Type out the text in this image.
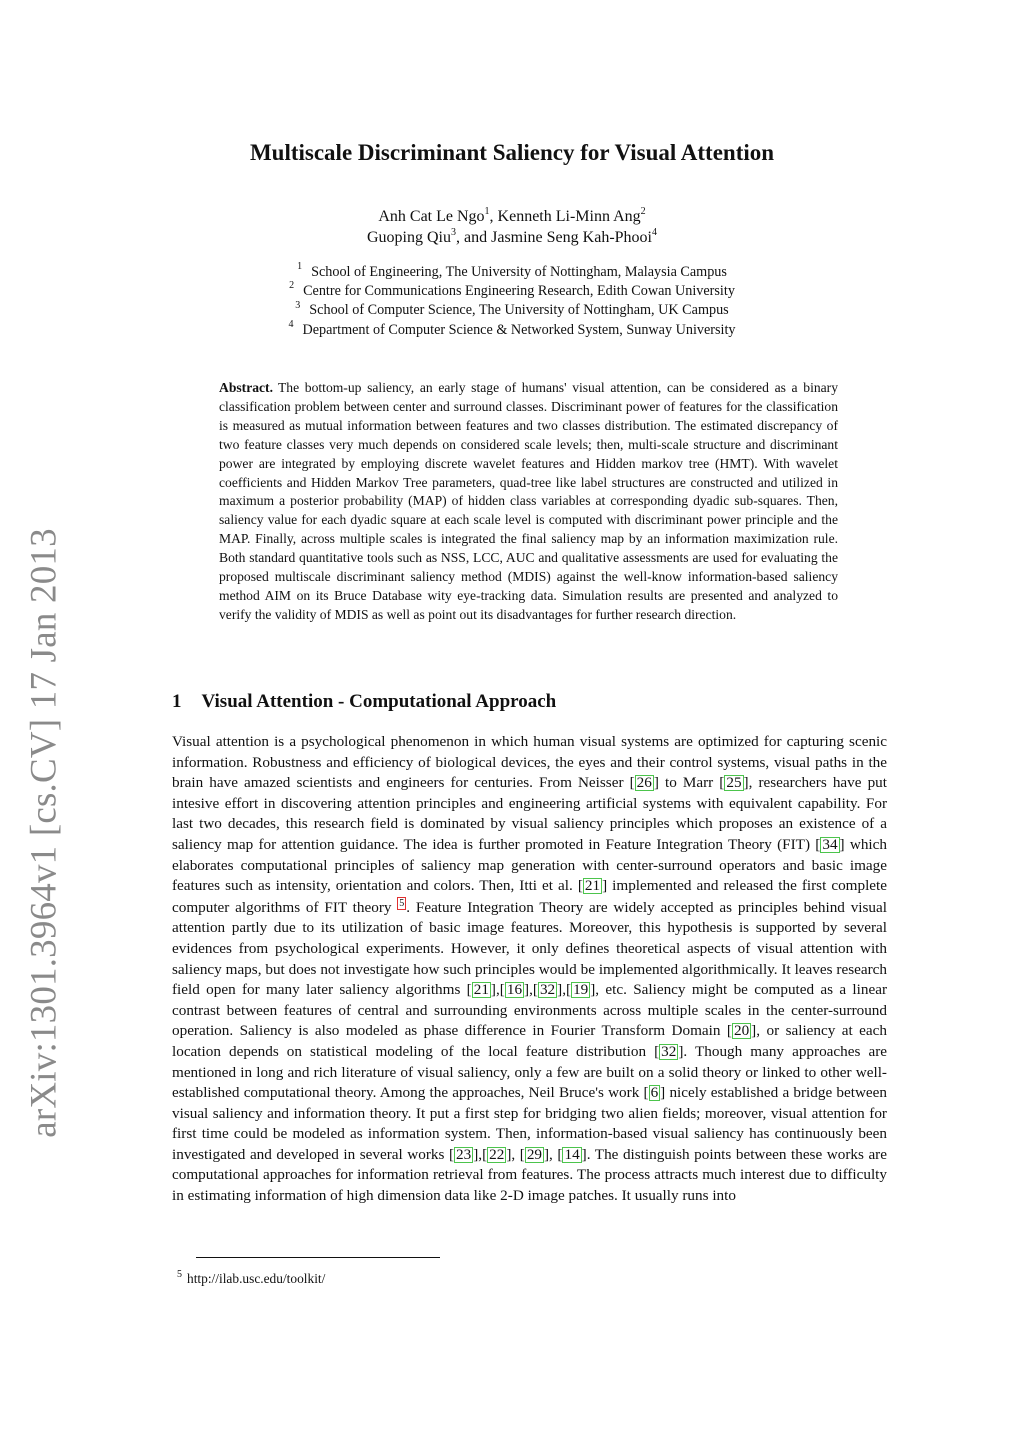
arXiv:1301.3964v1 [cs.CV] 17 Jan 2013
Multiscale Discriminant Saliency for Visual Attention
Anh Cat Le Ngo$^1$, Kenneth Li-Minn Ang$^2$
Guoping Qiu$^3$, and Jasmine Seng Kah-Phooi$^4$
$^1$ School of Engineering, The University of Nottingham, Malaysia Campus
$^2$ Centre for Communications Engineering Research, Edith Cowan University
$^3$ School of Computer Science, The University of Nottingham, UK Campus
$^4$ Department of Computer Science & Networked System, Sunway University
Abstract. The bottom-up saliency, an early stage of humans' visual attention, can be considered as a binary classification problem between center and surround classes. Discriminant power of features for the classification is measured as mutual information between features and two classes distribution. The estimated discrepancy of two feature classes very much depends on considered scale levels; then, multi-scale structure and discriminant power are integrated by employing discrete wavelet features and Hidden markov tree (HMT). With wavelet coefficients and Hidden Markov Tree parameters, quad-tree like label structures are constructed and utilized in maximum a posterior probability (MAP) of hidden class variables at corresponding dyadic sub-squares. Then, saliency value for each dyadic square at each scale level is computed with discriminant power principle and the MAP. Finally, across multiple scales is integrated the final saliency map by an information maximization rule. Both standard quantitative tools such as NSS, LCC, AUC and qualitative assessments are used for evaluating the proposed multiscale discriminant saliency method (MDIS) against the well-know information-based saliency method AIM on its Bruce Database wity eye-tracking data. Simulation results are presented and analyzed to verify the validity of MDIS as well as point out its disadvantages for further research direction.
1 Visual Attention - Computational Approach
Visual attention is a psychological phenomenon in which human visual systems are optimized for capturing scenic information. Robustness and efficiency of biological devices, the eyes and their control systems, visual paths in the brain have amazed scientists and engineers for centuries. From Neisser [ 26 ] to Marr [ 25 ], researchers have put intesive effort in discovering attention principles and engineering artificial systems with equivalent capability. For last two decades, this research field is dominated by visual saliency principles which proposes an existence of a saliency map for attention guidance. The idea is further promoted in Feature Integration Theory (FIT) [ 34 ] which elaborates computational principles of saliency map generation with center-surround operators and basic image features such as intensity, orientation and colors. Then, Itti et al. [ 21 ] implemented and released the first complete computer algorithms of FIT theory 5 . Feature Integration Theory are widely accepted as principles behind visual attention partly due to its utilization of basic image features. Moreover, this hypothesis is supported by several evidences from psychological experiments. However, it only defines theoretical aspects of visual attention with saliency maps, but does not investigate how such principles would be implemented algorithmically. It leaves research field open for many later saliency algorithms [ 21 ],[ 16 ],[ 32 ],[ 19 ], etc. Saliency might be computed as a linear contrast between features of central and surrounding environments across multiple scales in the center-surround operation. Saliency is also modeled as phase difference in Fourier Transform Domain [ 20 ], or saliency at each location depends on statistical modeling of the local feature distribution [ 32 ]. Though many approaches are mentioned in long and rich literature of visual saliency, only a few are built on a solid theory or linked to other well-established computational theory. Among the approaches, Neil Bruce's work [ 6 ] nicely established a bridge between visual saliency and information theory. It put a first step for bridging two alien fields; moreover, visual attention for first time could be modeled as information system. Then, information-based visual saliency has continuously been investigated and developed in several works [ 23 ],[ 22 ], [ 29 ], [ 14 ]. The distinguish points between these works are computational approaches for information retrieval from features. The process attracts much interest due to difficulty in estimating information of high dimension data like 2-D image patches. It usually runs into
$^5$ http://ilab.usc.edu/toolkit/
